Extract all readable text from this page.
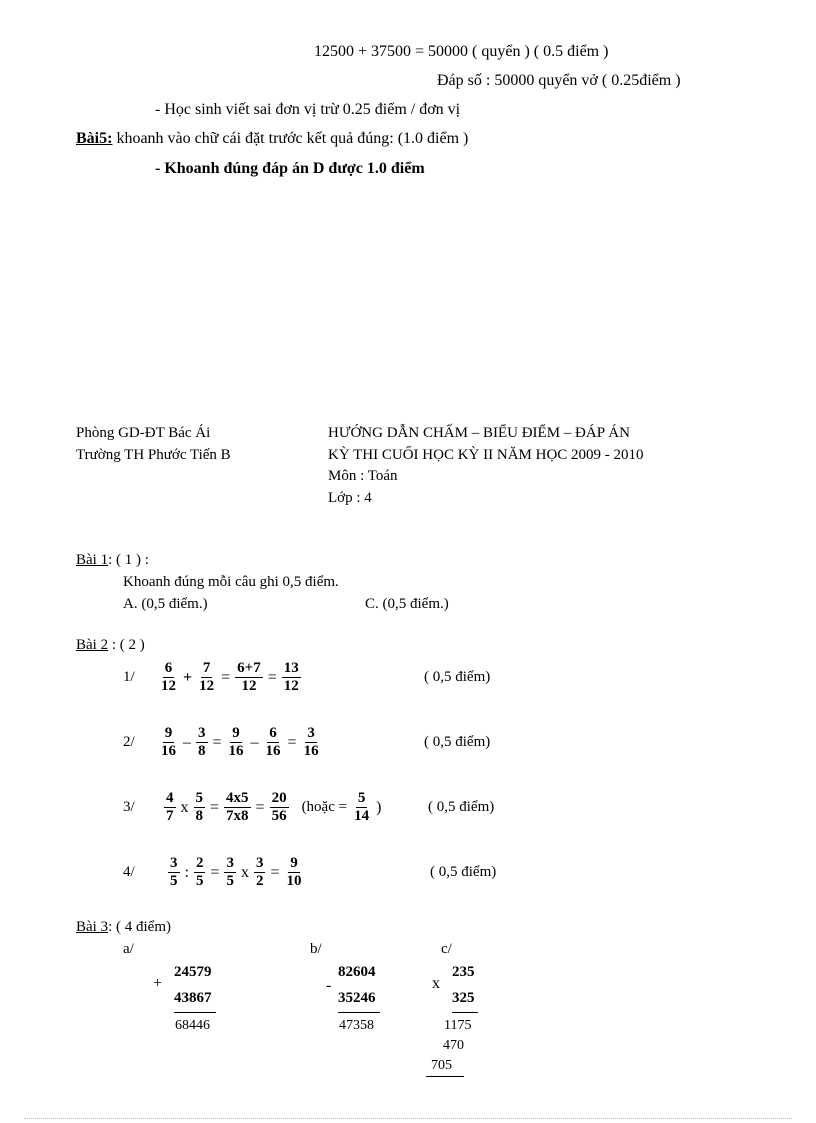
12500 + 37500 = 50000 ( quyển ) ( 0.5 điểm )
Đáp số : 50000 quyển vở ( 0.25điểm )
- Học sinh viết sai đơn vị trừ 0.25 điểm / đơn vị
Bài5: khoanh vào chữ cái đặt trước kết quả đúng: (1.0 điểm )
- Khoanh đúng đáp án D được 1.0 điểm
Phòng GD-ĐT Bác Ái
Trường TH Phước Tiến B
HƯỚNG DẪN CHẤM – BIỂU ĐIỂM – ĐÁP ÁN
KỲ THI CUỐI HỌC KỲ II NĂM HỌC 2009 - 2010
Môn : Toán
Lớp : 4
Bài 1: ( 1 ) :
Khoanh đúng mỗi câu ghi 0,5 điểm.
A. (0,5 điểm.)	C. (0,5 điểm.)
Bài 2 : ( 2 )
$1/ \frac{6}{12} + \frac{7}{12} = \frac{6+7}{12} = \frac{13}{12}$	( 0,5 điểm)
$2/ \frac{9}{16} - \frac{3}{8} = \frac{9}{16} - \frac{6}{16} = \frac{3}{16}$	( 0,5 điểm)
$3/ \frac{4}{7}$ x $\frac{5}{8} = \frac{4x5}{7x8} = \frac{20}{56}$ (hoặc = $\frac{5}{14}$ )	( 0,5 điểm)
$4/ \frac{3}{5}$ : $\frac{2}{5} = \frac{3}{5}$ x $\frac{3}{2} = \frac{9}{10}$	( 0,5 điểm)
Bài 3: ( 4 điểm)
a/
+
24579
43867
68446
b/
-
82604
35246
47358
c/
x
235
325
1175
470
705
